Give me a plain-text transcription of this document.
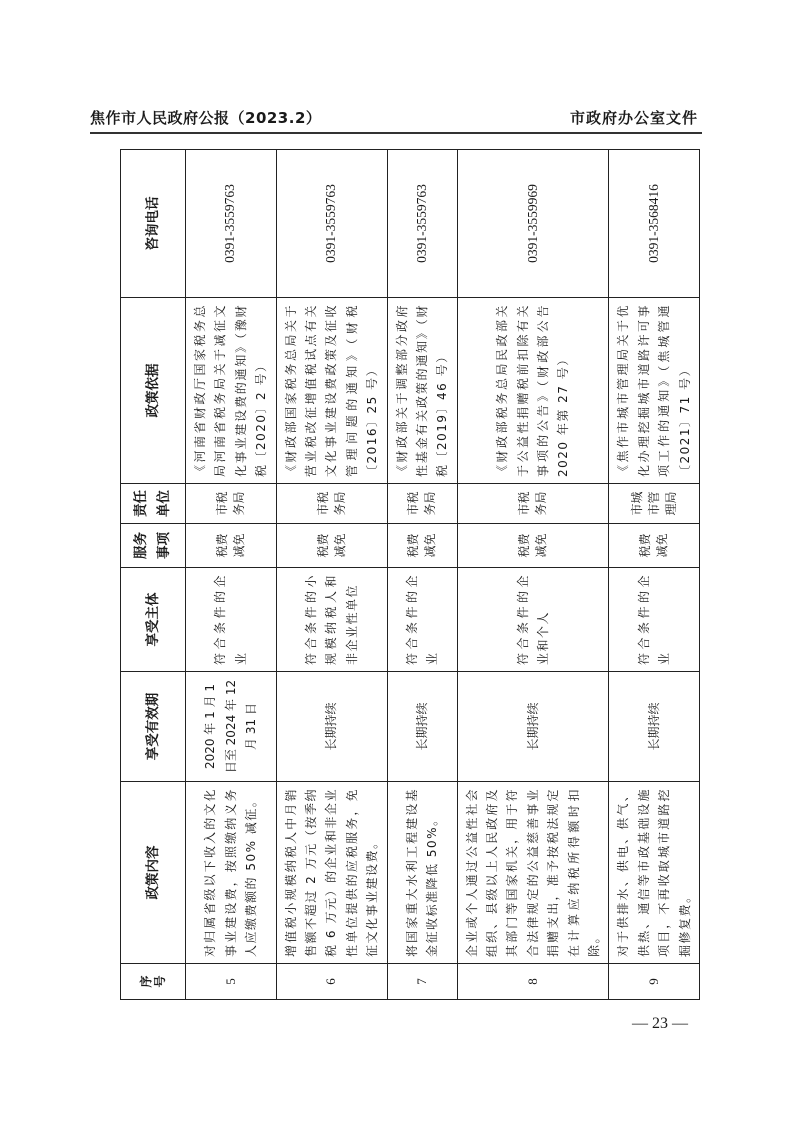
焦作市人民政府公报（2023.2）	市政府办公室文件
序号	政策内容	享受有效期	享受主体	服务事项	责任单位	政策依据	咨询电话
5	对归属省级以下收入的文化事业建设费，按照缴纳义务人应缴费额的 50% 减征。	2020 年 1 月 1 日至 2024 年 12 月 31 日	符合条件的企业	税费减免	市税务局	《河南省财政厅国家税务总局河南省税务局关于减征文化事业建设费的通知》（豫财税〔2020〕2 号）	0391-3559763
6	增值税小规模纳税人中月销售额不超过 2 万元（按季纳税 6 万元）的企业和非企业性单位提供的应税服务，免征文化事业建设费。	长期持续	符合条件的小规模纳税人和非企业性单位	税费减免	市税务局	《财政部国家税务总局关于营业税改征增值税试点有关文化事业建设费政策及征收管理问题的通知》（财税〔2016〕25 号）	0391-3559763
7	将国家重大水利工程建设基金征收标准降低 50%。	长期持续	符合条件的企业	税费减免	市税务局	《财政部关于调整部分政府性基金有关政策的通知》（财税〔2019〕46 号）	0391-3559763
8	企业或个人通过公益性社会组织、县级以上人民政府及其部门等国家机关，用于符合法律规定的公益慈善事业捐赠支出，准予按税法规定在计算应纳税所得额时扣除。	长期持续	符合条件的企业和个人	税费减免	市税务局	《财政部税务总局民政部关于公益性捐赠税前扣除有关事项的公告》（财政部公告 2020 年第 27 号）	0391-3559969
9	对于供排水、供电、供气、供热、通信等市政基础设施项目，不再收取城市道路挖掘修复费。	长期持续	符合条件的企业	税费减免	市城市管理局	《焦作市城市管理局关于优化办理挖掘城市道路许可事项工作的通知》（焦城管通〔2021〕71 号）	0391-3568416
— 23 —
